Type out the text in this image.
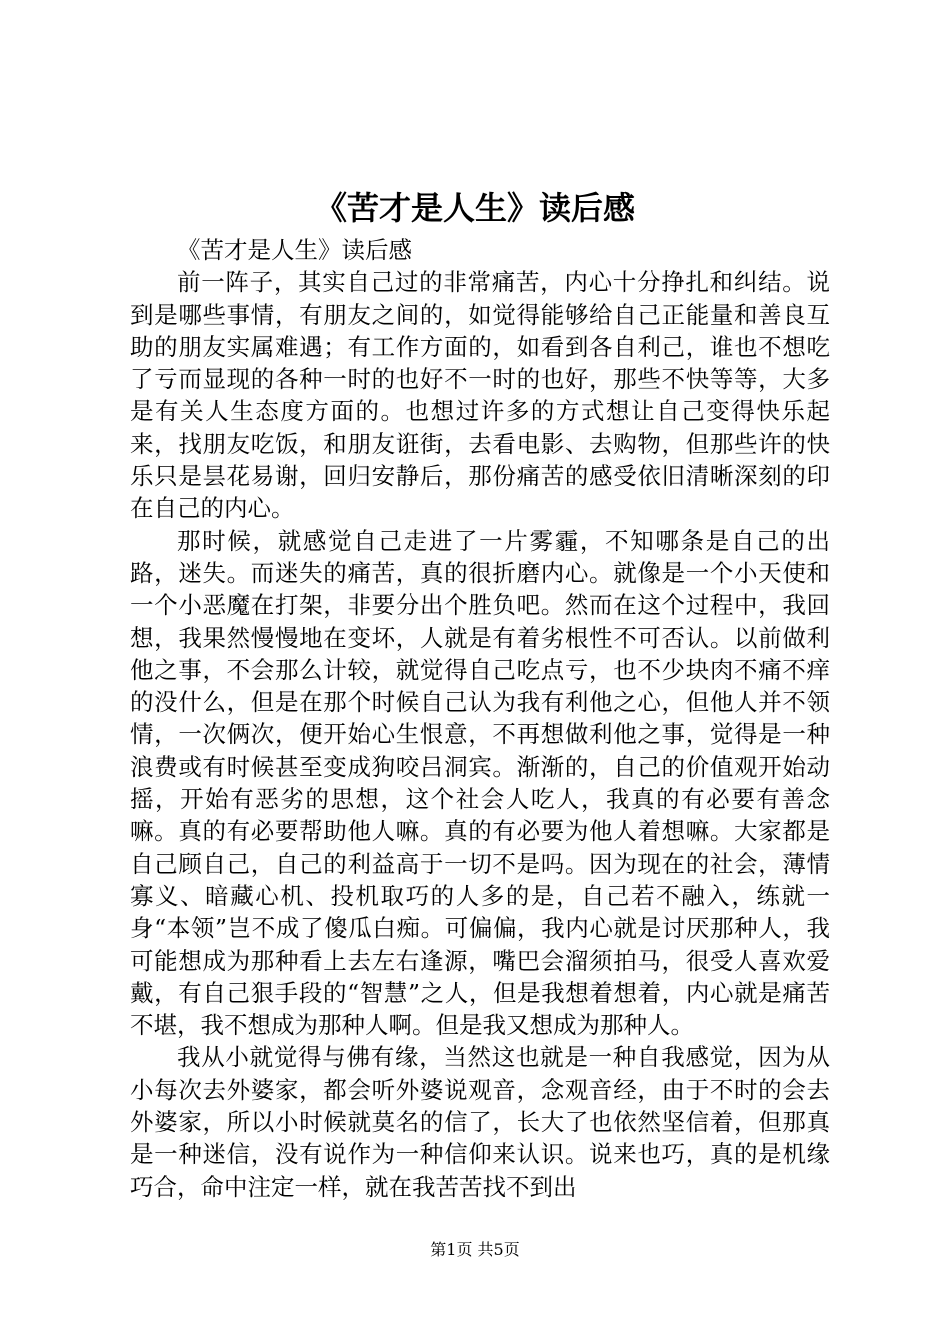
《苦才是人生》读后感

《苦才是人生》读后感

前一阵子，其实自己过的非常痛苦，内心十分挣扎和纠结。说到是哪些事情，有朋友之间的，如觉得能够给自己正能量和善良互助的朋友实属难遇；有工作方面的，如看到各自利己，谁也不想吃了亏而显现的各种一时的也好不一时的也好，那些不快等等，大多是有关人生态度方面的。也想过许多的方式想让自己变得快乐起来，找朋友吃饭，和朋友诳街，去看电影、去购物，但那些许的快乐只是昙花易谢，回归安静后，那份痛苦的感受依旧清晰深刻的印在自己的内心。

那时候，就感觉自己走进了一片雾霾，不知哪条是自己的出路，迷失。而迷失的痛苦，真的很折磨内心。就像是一个小天使和一个小恶魔在打架，非要分出个胜负吧。然而在这个过程中，我回想，我果然慢慢地在变坏，人就是有着劣根性不可否认。以前做利他之事，不会那么计较，就觉得自己吃点亏，也不少块肉不痛不痒的没什么，但是在那个时候自己认为我有利他之心，但他人并不领情，一次俩次，便开始心生恨意，不再想做利他之事，觉得是一种浪费或有时候甚至变成狗咬吕洞宾。渐渐的，自己的价值观开始动摇，开始有恶劣的思想，这个社会人吃人，我真的有必要有善念嘛。真的有必要帮助他人嘛。真的有必要为他人着想嘛。大家都是自己顾自己，自己的利益高于一切不是吗。因为现在的社会，薄情寡义、暗藏心机、投机取巧的人多的是，自己若不融入，练就一身“本领”岂不成了傻瓜白痴。可偏偏，我内心就是讨厌那种人，我可能想成为那种看上去左右逢源，嘴巴会溜须拍马，很受人喜欢爱戴，有自己狠手段的“智慧”之人，但是我想着想着，内心就是痛苦不堪，我不想成为那种人啊。但是我又想成为那种人。

我从小就觉得与佛有缘，当然这也就是一种自我感觉，因为从小每次去外婆家，都会听外婆说观音，念观音经，由于不时的会去外婆家，所以小时候就莫名的信了，长大了也依然坚信着，但那真是一种迷信，没有说作为一种信仰来认识。说来也巧，真的是机缘巧合，命中注定一样，就在我苦苦找不到出

第1页 共5页
